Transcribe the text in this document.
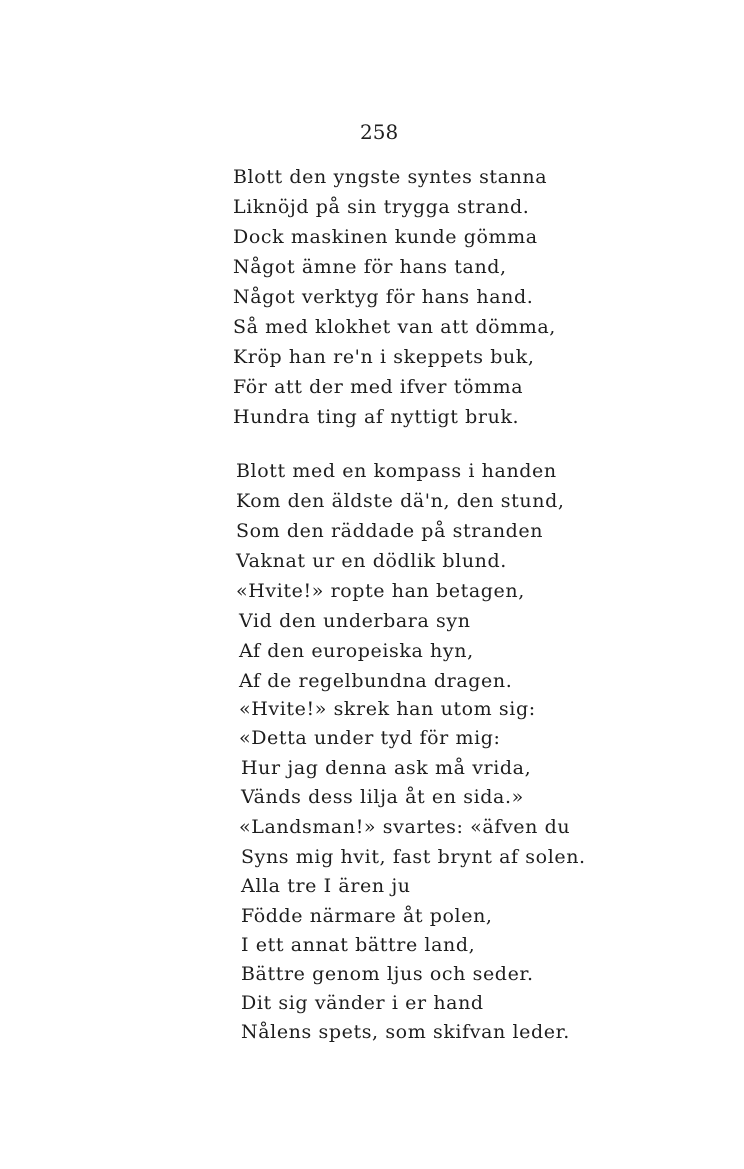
258
Blott den yngste syntes stanna
Liknöjd på sin trygga strand.
Dock maskinen kunde gömma
Något ämne för hans tand,
Något verktyg för hans hand.
Så med klokhet van att dömma,
Kröp han re'n i skeppets buk,
För att der med ifver tömma
Hundra ting af nyttigt bruk.
Blott med en kompass i handen
Kom den äldste dä'n, den stund,
Som den räddade på stranden
Vaknat ur en dödlik blund.
«Hvite!» ropte han betagen,
Vid den underbara syn
Af den europeiska hyn,
Af de regelbundna dragen.
«Hvite!» skrek han utom sig:
«Detta under tyd för mig:
Hur jag denna ask må vrida,
Vänds dess lilja åt en sida.»
«Landsman!» svartes: «äfven du
Syns mig hvit, fast brynt af solen.
Alla tre I ären ju
Födde närmare åt polen,
I ett annat bättre land,
Bättre genom ljus och seder.
Dit sig vänder i er hand
Nålens spets, som skifvan leder.
